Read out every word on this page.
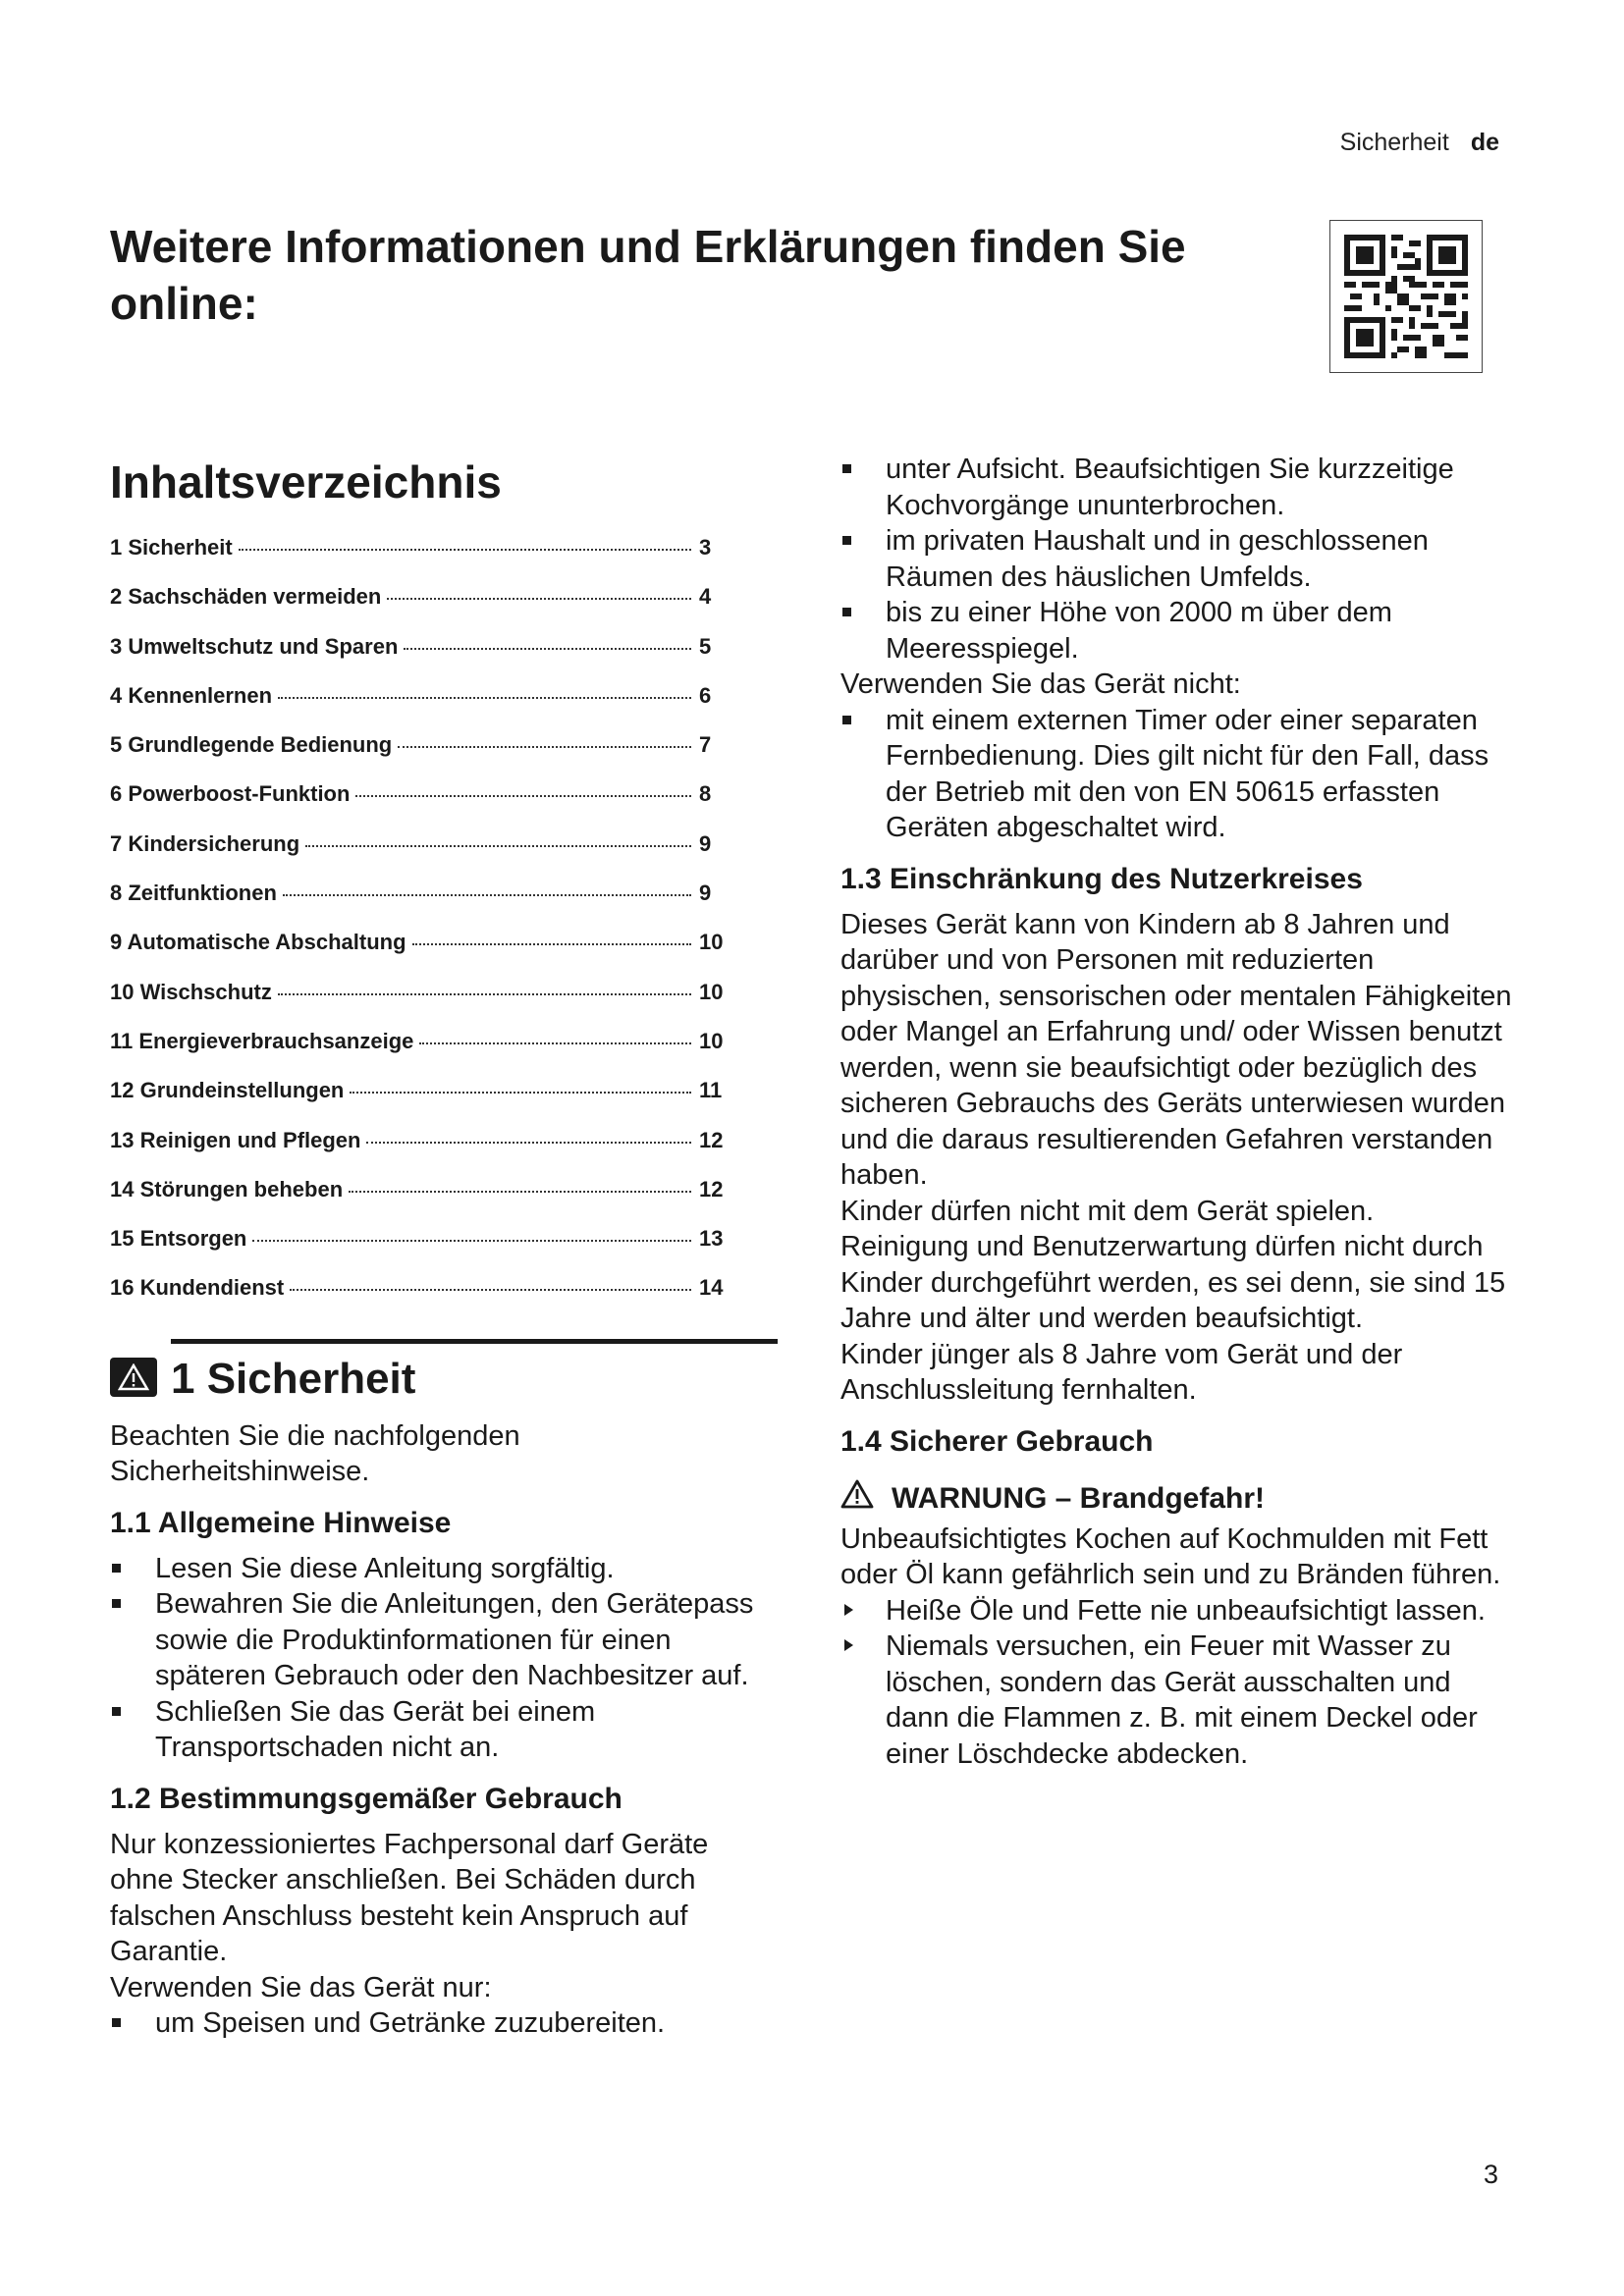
Sicherheit de
Weitere Informationen und Erklärungen finden Sie online:
Inhaltsverzeichnis
1 Sicherheit	3
2 Sachschäden vermeiden	4
3 Umweltschutz und Sparen	5
4 Kennenlernen	6
5 Grundlegende Bedienung	7
6 Powerboost-Funktion	8
7 Kindersicherung	9
8 Zeitfunktionen	9
9 Automatische Abschaltung	10
10 Wischschutz	10
11 Energieverbrauchsanzeige	10
12 Grundeinstellungen	11
13 Reinigen und Pflegen	12
14 Störungen beheben	12
15 Entsorgen	13
16 Kundendienst	14
1 Sicherheit

Beachten Sie die nachfolgenden Sicherheitshinweise.

1.1 Allgemeine Hinweise
Lesen Sie diese Anleitung sorgfältig.
Bewahren Sie die Anleitungen, den Gerätepass sowie die Produktinformationen für einen späteren Gebrauch oder den Nachbesitzer auf.
Schließen Sie das Gerät bei einem Transportschaden nicht an.
1.2 Bestimmungsgemäßer Gebrauch

Nur konzessioniertes Fachpersonal darf Geräte ohne Stecker anschließen. Bei Schäden durch falschen Anschluss besteht kein Anspruch auf Garantie.

Verwenden Sie das Gerät nur:

um Speisen und Getränke zuzubereiten.
unter Aufsicht. Beaufsichtigen Sie kurzzeitige Kochvorgänge ununterbrochen.
im privaten Haushalt und in geschlossenen Räumen des häuslichen Umfelds.
bis zu einer Höhe von 2000 m über dem Meeresspiegel.

Verwenden Sie das Gerät nicht:

mit einem externen Timer oder einer separaten Fernbedienung. Dies gilt nicht für den Fall, dass der Betrieb mit den von EN 50615 erfassten Geräten abgeschaltet wird.
1.3 Einschränkung des Nutzerkreises

Dieses Gerät kann von Kindern ab 8 Jahren und darüber und von Personen mit reduzierten physischen, sensorischen oder mentalen Fähigkeiten oder Mangel an Erfahrung und/ oder Wissen benutzt werden, wenn sie beaufsichtigt oder bezüglich des sicheren Gebrauchs des Geräts unterwiesen wurden und die daraus resultierenden Gefahren verstanden haben.

Kinder dürfen nicht mit dem Gerät spielen.

Reinigung und Benutzerwartung dürfen nicht durch Kinder durchgeführt werden, es sei denn, sie sind 15 Jahre und älter und werden beaufsichtigt.

Kinder jünger als 8 Jahre vom Gerät und der Anschlussleitung fernhalten.

1.4 Sicherer Gebrauch
WARNUNG – Brandgefahr!

Unbeaufsichtigtes Kochen auf Kochmulden mit Fett oder Öl kann gefährlich sein und zu Bränden führen.

Heiße Öle und Fette nie unbeaufsichtigt lassen.
Niemals versuchen, ein Feuer mit Wasser zu löschen, sondern das Gerät ausschalten und dann die Flammen z. B. mit einem Deckel oder einer Löschdecke abdecken.
3
